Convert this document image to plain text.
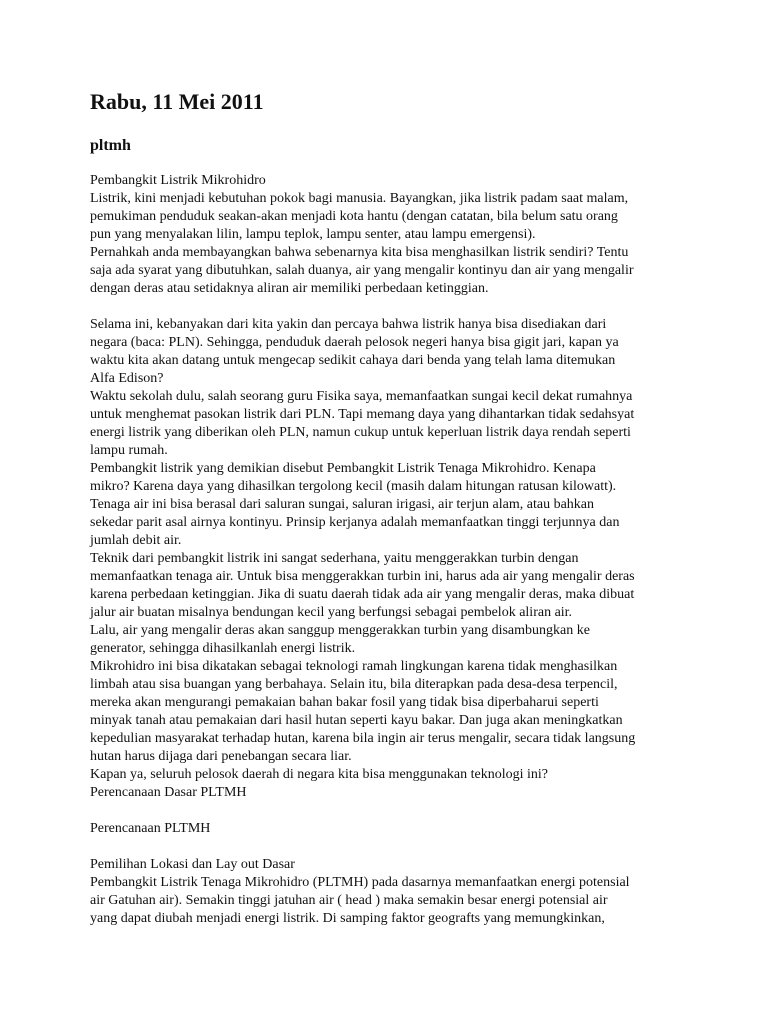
Rabu, 11 Mei 2011
pltmh

Pembangkit Listrik Mikrohidro

Listrik, kini menjadi kebutuhan pokok bagi manusia. Bayangkan, jika listrik padam saat malam,
pemukiman penduduk seakan-akan menjadi kota hantu (dengan catatan, bila belum satu orang
pun yang menyalakan lilin, lampu teplok, lampu senter, atau lampu emergensi).

Pernahkah anda membayangkan bahwa sebenarnya kita bisa menghasilkan listrik sendiri? Tentu
saja ada syarat yang dibutuhkan, salah duanya, air yang mengalir kontinyu dan air yang mengalir
dengan deras atau setidaknya aliran air memiliki perbedaan ketinggian.

Selama ini, kebanyakan dari kita yakin dan percaya bahwa listrik hanya bisa disediakan dari
negara (baca: PLN). Sehingga, penduduk daerah pelosok negeri hanya bisa gigit jari, kapan ya
waktu kita akan datang untuk mengecap sedikit cahaya dari benda yang telah lama ditemukan
Alfa Edison?

Waktu sekolah dulu, salah seorang guru Fisika saya, memanfaatkan sungai kecil dekat rumahnya
untuk menghemat pasokan listrik dari PLN. Tapi memang daya yang dihantarkan tidak sedahsyat
energi listrik yang diberikan oleh PLN, namun cukup untuk keperluan listrik daya rendah seperti
lampu rumah.

Pembangkit listrik yang demikian disebut Pembangkit Listrik Tenaga Mikrohidro. Kenapa
mikro? Karena daya yang dihasilkan tergolong kecil (masih dalam hitungan ratusan kilowatt).
Tenaga air ini bisa berasal dari saluran sungai, saluran irigasi, air terjun alam, atau bahkan
sekedar parit asal airnya kontinyu. Prinsip kerjanya adalah memanfaatkan tinggi terjunnya dan
jumlah debit air.

Teknik dari pembangkit listrik ini sangat sederhana, yaitu menggerakkan turbin dengan
memanfaatkan tenaga air. Untuk bisa menggerakkan turbin ini, harus ada air yang mengalir deras
karena perbedaan ketinggian. Jika di suatu daerah tidak ada air yang mengalir deras, maka dibuat
jalur air buatan misalnya bendungan kecil yang berfungsi sebagai pembelok aliran air.

Lalu, air yang mengalir deras akan sanggup menggerakkan turbin yang disambungkan ke
generator, sehingga dihasilkanlah energi listrik.

Mikrohidro ini bisa dikatakan sebagai teknologi ramah lingkungan karena tidak menghasilkan
limbah atau sisa buangan yang berbahaya. Selain itu, bila diterapkan pada desa-desa terpencil,
mereka akan mengurangi pemakaian bahan bakar fosil yang tidak bisa diperbaharui seperti
minyak tanah atau pemakaian dari hasil hutan seperti kayu bakar. Dan juga akan meningkatkan
kepedulian masyarakat terhadap hutan, karena bila ingin air terus mengalir, secara tidak langsung
hutan harus dijaga dari penebangan secara liar.

Kapan ya, seluruh pelosok daerah di negara kita bisa menggunakan teknologi ini?

Perencanaan Dasar PLTMH

Perencanaan PLTMH

Pemilihan Lokasi dan Lay out Dasar

Pembangkit Listrik Tenaga Mikrohidro (PLTMH) pada dasarnya memanfaatkan energi potensial
air Gatuhan air). Semakin tinggi jatuhan air ( head ) maka semakin besar energi potensial air
yang dapat diubah menjadi energi listrik. Di samping faktor geografts yang memungkinkan,
